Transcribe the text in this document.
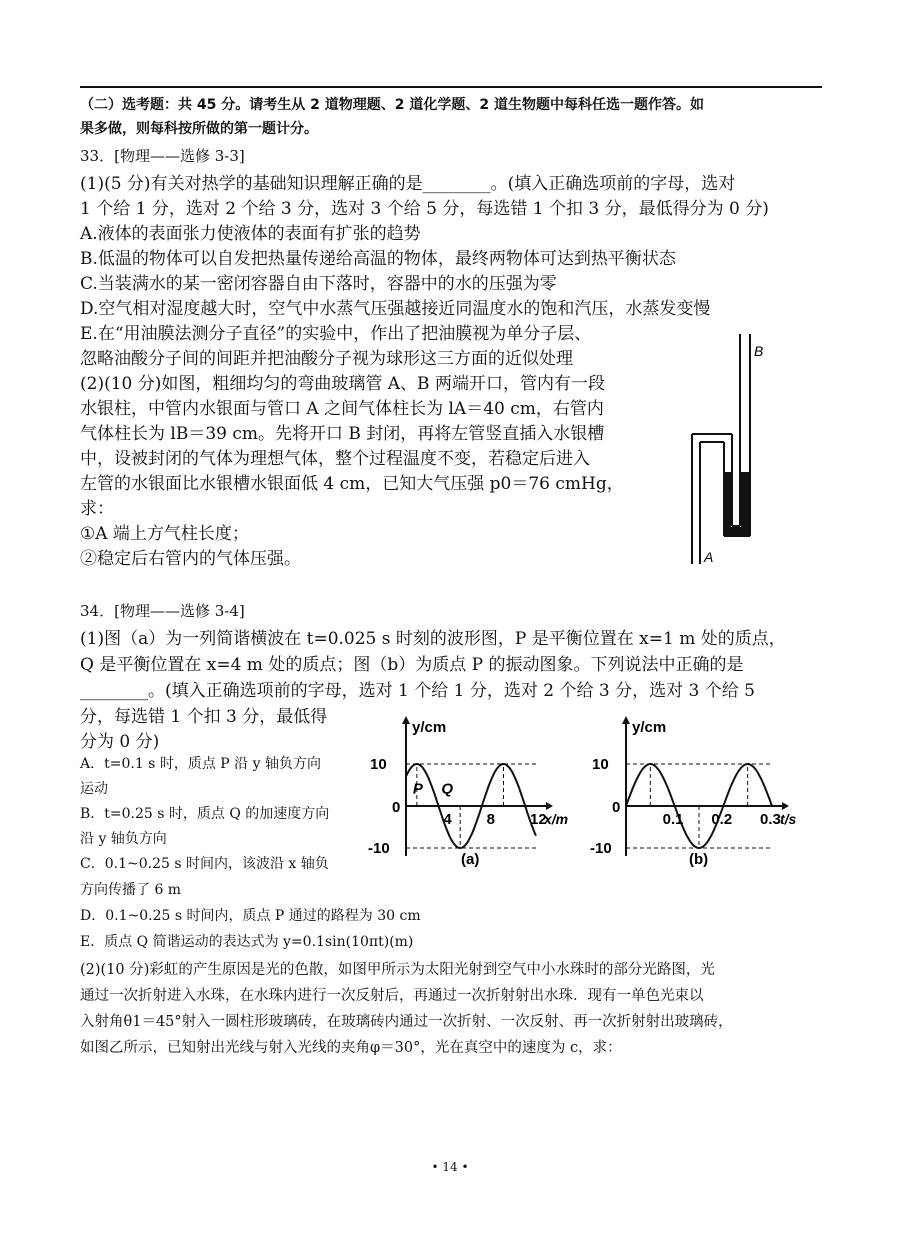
（二）选考题：共 45 分。请考生从 2 道物理题、2 道化学题、2 道生物题中每科任选一题作答。如
果多做，则每科按所做的第一题计分。
33．[物理——选修 3-3]
(1)(5 分)有关对热学的基础知识理解正确的是________。(填入正确选项前的字母，选对
1 个给 1 分，选对 2 个给 3 分，选对 3 个给 5 分，每选错 1 个扣 3 分，最低得分为 0 分)
A.液体的表面张力使液体的表面有扩张的趋势
B.低温的物体可以自发把热量传递给高温的物体，最终两物体可达到热平衡状态
C.当装满水的某一密闭容器自由下落时，容器中的水的压强为零
D.空气相对湿度越大时，空气中水蒸气压强越接近同温度水的饱和汽压，水蒸发变慢
E.在“用油膜法测分子直径”的实验中，作出了把油膜视为单分子层、
忽略油酸分子间的间距并把油酸分子视为球形这三方面的近似处理
(2)(10 分)如图，粗细均匀的弯曲玻璃管 A、B 两端开口，管内有一段
水银柱，中管内水银面与管口 A 之间气体柱长为 lA＝40 cm，右管内
气体柱长为 lB＝39 cm。先将开口 B 封闭，再将左管竖直插入水银槽
中，设被封闭的气体为理想气体，整个过程温度不变，若稳定后进入
左管的水银面比水银槽水银面低 4 cm，已知大气压强 p0＝76 cmHg，
求：
①A 端上方气柱长度；
②稳定后右管内的气体压强。
B
A
34．[物理——选修 3-4]
(1)图（a）为一列简谐横波在 t=0.025 s 时刻的波形图，P 是平衡位置在 x=1 m 处的质点，
Q 是平衡位置在 x=4 m 处的质点；图（b）为质点 P 的振动图象。下列说法中正确的是
________。(填入正确选项前的字母，选对 1 个给 1 分，选对 2 个给 3 分，选对 3 个给 5
分，每选错 1 个扣 3 分，最低得
分为 0 分)
A．t=0.1 s 时，质点 P 沿 y 轴负方向
运动
B．t=0.25 s 时，质点 Q 的加速度方向
沿 y 轴负方向
C．0.1~0.25 s 时间内，该波沿 x 轴负
方向传播了 6 m
D．0.1~0.25 s 时间内，质点 P 通过的路程为 30 cm
E．质点 Q 简谐运动的表达式为 y=0.1sin(10πt)(m)
y/cm
10
0
-10
4 8 12
x/m
(a)
P Q
y/cm
10
0
-10
0.1 0.2 0.3 t/s
(b)
(2)(10 分)彩虹的产生原因是光的色散，如图甲所示为太阳光射到空气中小水珠时的部分光路图，光
通过一次折射进入水珠，在水珠内进行一次反射后，再通过一次折射射出水珠．现有一单色光束以
入射角θ1＝45°射入一圆柱形玻璃砖，在玻璃砖内通过一次折射、一次反射、再一次折射射出玻璃砖，
如图乙所示，已知射出光线与射入光线的夹角φ＝30°，光在真空中的速度为 c，求：
• 14 •
